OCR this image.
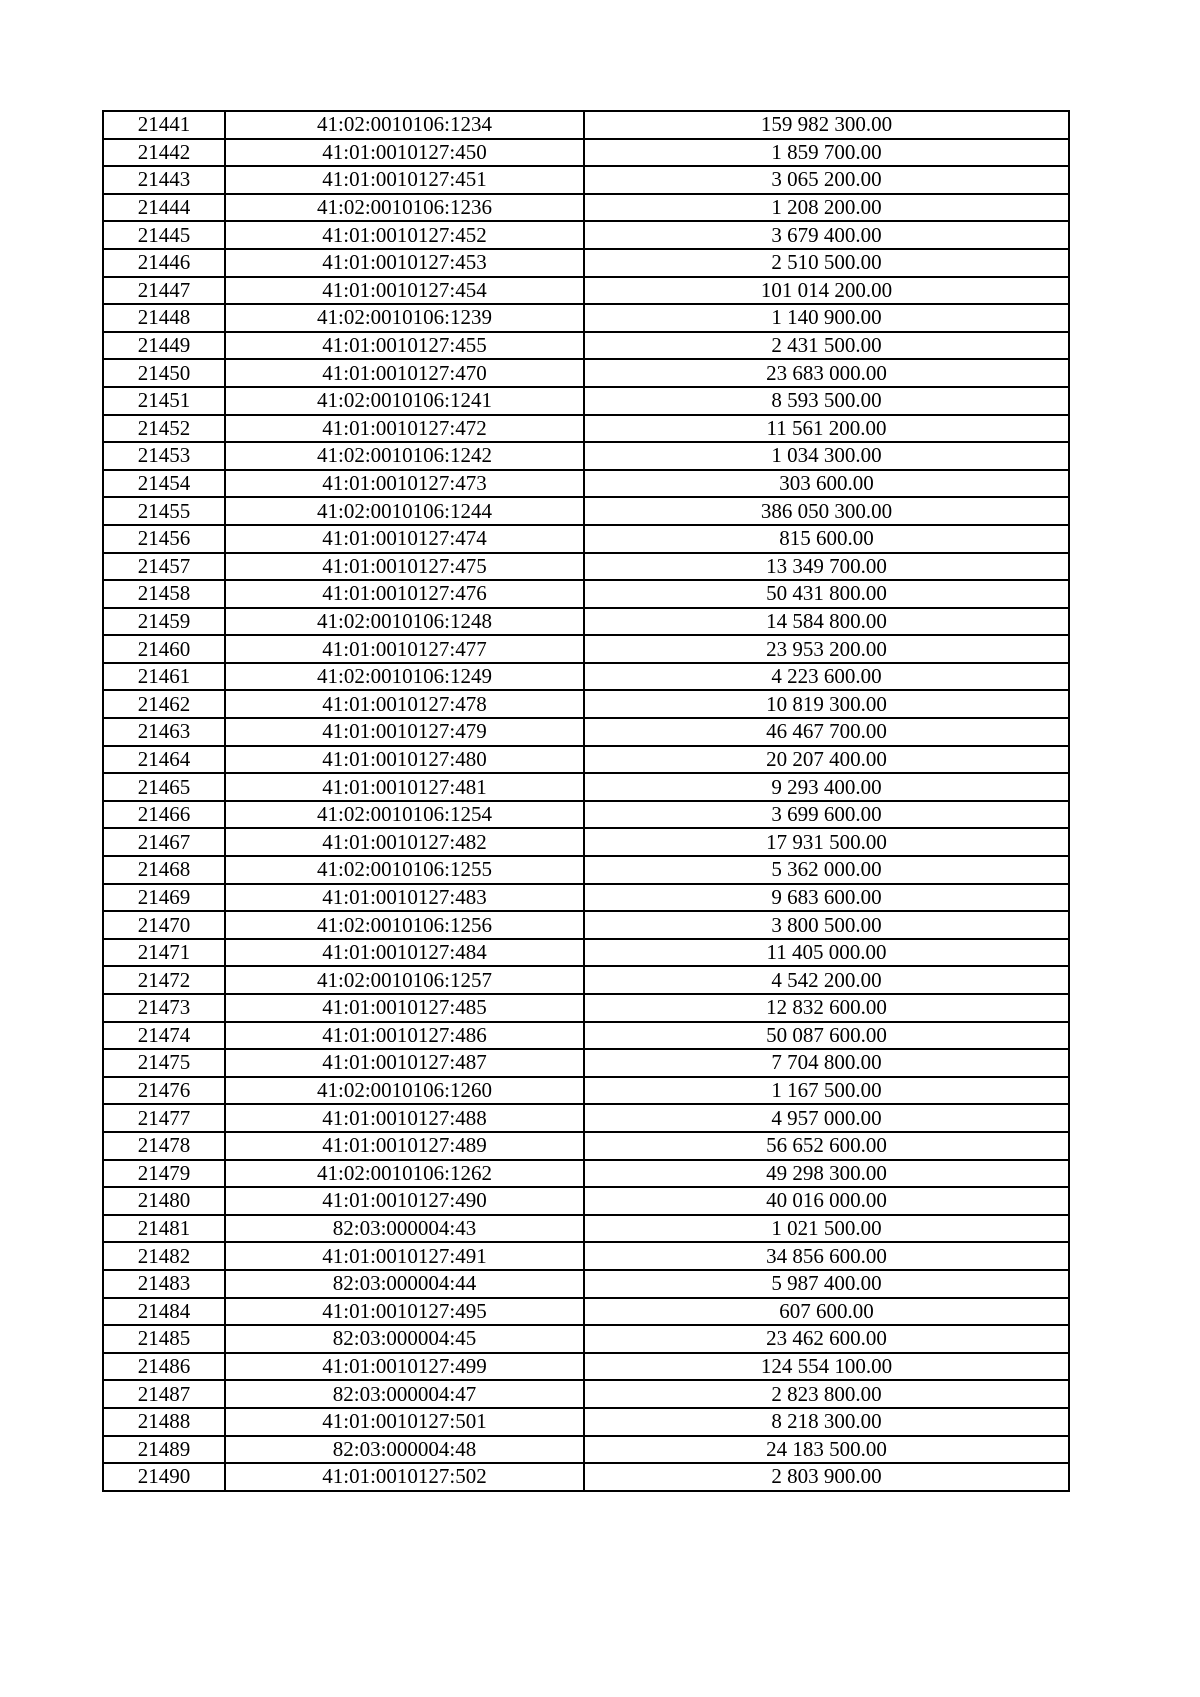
21441	41:02:0010106:1234	159 982 300.00
21442	41:01:0010127:450	1 859 700.00
21443	41:01:0010127:451	3 065 200.00
21444	41:02:0010106:1236	1 208 200.00
21445	41:01:0010127:452	3 679 400.00
21446	41:01:0010127:453	2 510 500.00
21447	41:01:0010127:454	101 014 200.00
21448	41:02:0010106:1239	1 140 900.00
21449	41:01:0010127:455	2 431 500.00
21450	41:01:0010127:470	23 683 000.00
21451	41:02:0010106:1241	8 593 500.00
21452	41:01:0010127:472	11 561 200.00
21453	41:02:0010106:1242	1 034 300.00
21454	41:01:0010127:473	303 600.00
21455	41:02:0010106:1244	386 050 300.00
21456	41:01:0010127:474	815 600.00
21457	41:01:0010127:475	13 349 700.00
21458	41:01:0010127:476	50 431 800.00
21459	41:02:0010106:1248	14 584 800.00
21460	41:01:0010127:477	23 953 200.00
21461	41:02:0010106:1249	4 223 600.00
21462	41:01:0010127:478	10 819 300.00
21463	41:01:0010127:479	46 467 700.00
21464	41:01:0010127:480	20 207 400.00
21465	41:01:0010127:481	9 293 400.00
21466	41:02:0010106:1254	3 699 600.00
21467	41:01:0010127:482	17 931 500.00
21468	41:02:0010106:1255	5 362 000.00
21469	41:01:0010127:483	9 683 600.00
21470	41:02:0010106:1256	3 800 500.00
21471	41:01:0010127:484	11 405 000.00
21472	41:02:0010106:1257	4 542 200.00
21473	41:01:0010127:485	12 832 600.00
21474	41:01:0010127:486	50 087 600.00
21475	41:01:0010127:487	7 704 800.00
21476	41:02:0010106:1260	1 167 500.00
21477	41:01:0010127:488	4 957 000.00
21478	41:01:0010127:489	56 652 600.00
21479	41:02:0010106:1262	49 298 300.00
21480	41:01:0010127:490	40 016 000.00
21481	82:03:000004:43	1 021 500.00
21482	41:01:0010127:491	34 856 600.00
21483	82:03:000004:44	5 987 400.00
21484	41:01:0010127:495	607 600.00
21485	82:03:000004:45	23 462 600.00
21486	41:01:0010127:499	124 554 100.00
21487	82:03:000004:47	2 823 800.00
21488	41:01:0010127:501	8 218 300.00
21489	82:03:000004:48	24 183 500.00
21490	41:01:0010127:502	2 803 900.00
